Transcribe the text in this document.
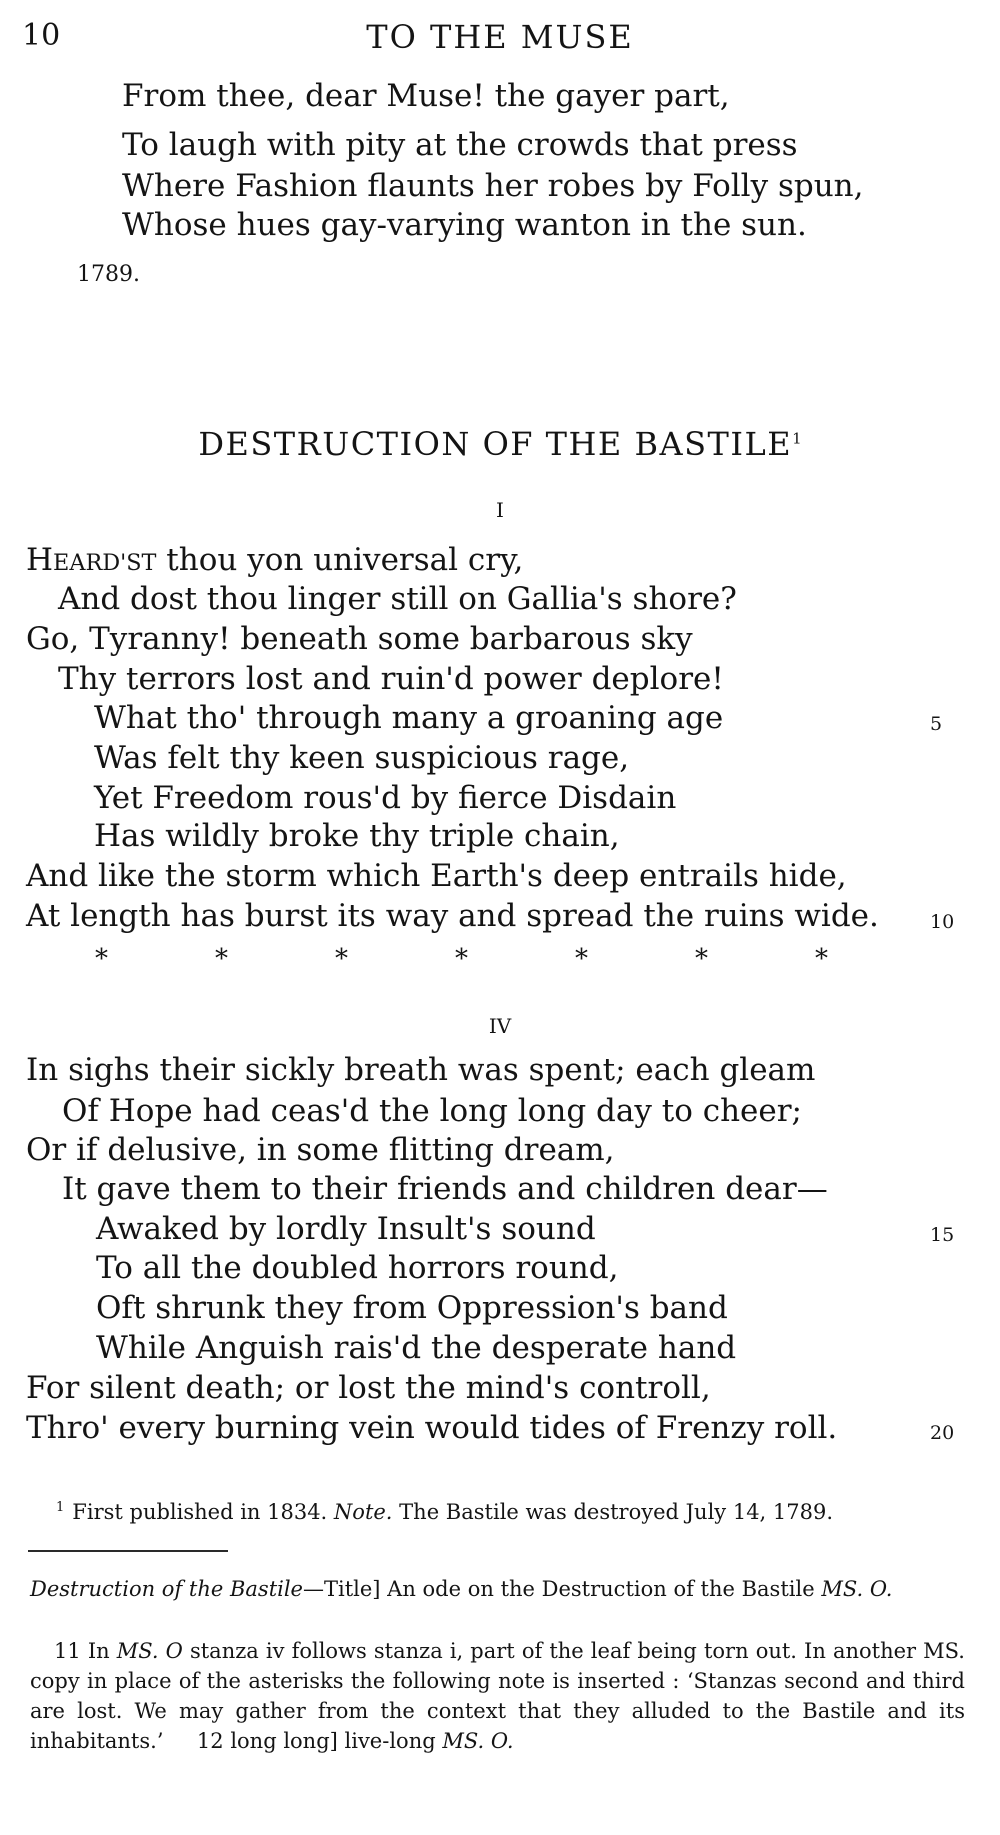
10	TO THE MUSE
From thee, dear Muse! the gayer part,
To laugh with pity at the crowds that press
Where Fashion flaunts her robes by Folly spun,
Whose hues gay-varying wanton in the sun.
1789.
DESTRUCTION OF THE BASTILE$^1$
I
HEARD'ST thou yon universal cry,
And dost thou linger still on Gallia's shore?
Go, Tyranny! beneath some barbarous sky
Thy terrors lost and ruin'd power deplore!
What tho' through many a groaning age	5
Was felt thy keen suspicious rage,
Yet Freedom rous'd by fierce Disdain
Has wildly broke thy triple chain,
And like the storm which Earth's deep entrails hide,
At length has burst its way and spread the ruins wide.	10
*	*	*	*	*	*	*
IV
In sighs their sickly breath was spent; each gleam
Of Hope had ceas'd the long long day to cheer;
Or if delusive, in some flitting dream,
It gave them to their friends and children dear—
Awaked by lordly Insult's sound	15
To all the doubled horrors round,
Oft shrunk they from Oppression's band
While Anguish rais'd the desperate hand
For silent death; or lost the mind's controll,
Thro' every burning vein would tides of Frenzy roll.	20
$^1$ First published in 1834. Note. The Bastile was destroyed July 14, 1789.
Destruction of the Bastile—Title] An ode on the Destruction of the Bastile MS. O.
11 In MS. O stanza iv follows stanza i, part of the leaf being torn out. In another MS. copy in place of the asterisks the following note is inserted : ‘Stanzas second and third are lost. We may gather from the context that they alluded to the Bastile and its inhabitants.’ 12 long long] live-long MS. O.
